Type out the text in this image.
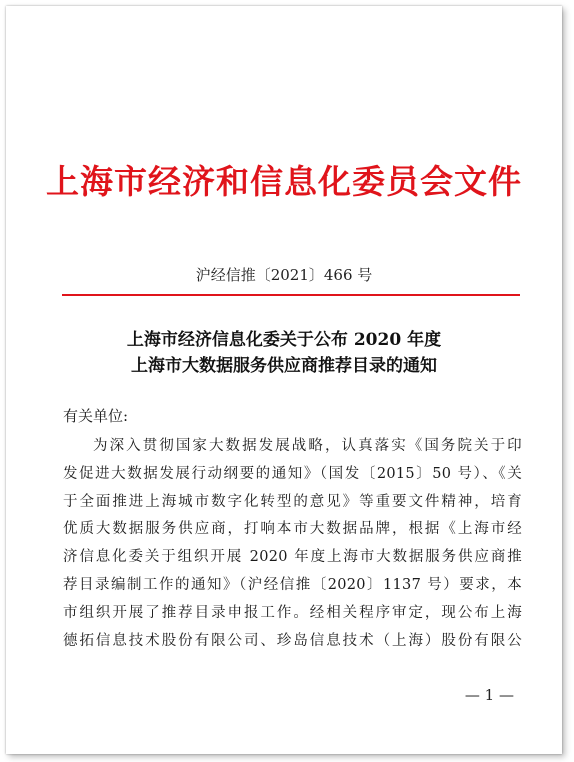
上海市经济和信息化委员会文件
沪经信推〔2021〕466 号
上海市经济信息化委关于公布 2020 年度
上海市大数据服务供应商推荐目录的通知
有关单位:
为深入贯彻国家大数据发展战略，认真落实《国务院关于印
发促进大数据发展行动纲要的通知》（国发〔2015〕50 号）、《关
于全面推进上海城市数字化转型的意见》等重要文件精神，培育
优质大数据服务供应商，打响本市大数据品牌，根据《上海市经
济信息化委关于组织开展 2020 年度上海市大数据服务供应商推
荐目录编制工作的通知》（沪经信推〔2020〕1137 号）要求，本
市组织开展了推荐目录申报工作。经相关程序审定，现公布上海
德拓信息技术股份有限公司、珍岛信息技术（上海）股份有限公
— 1 —
